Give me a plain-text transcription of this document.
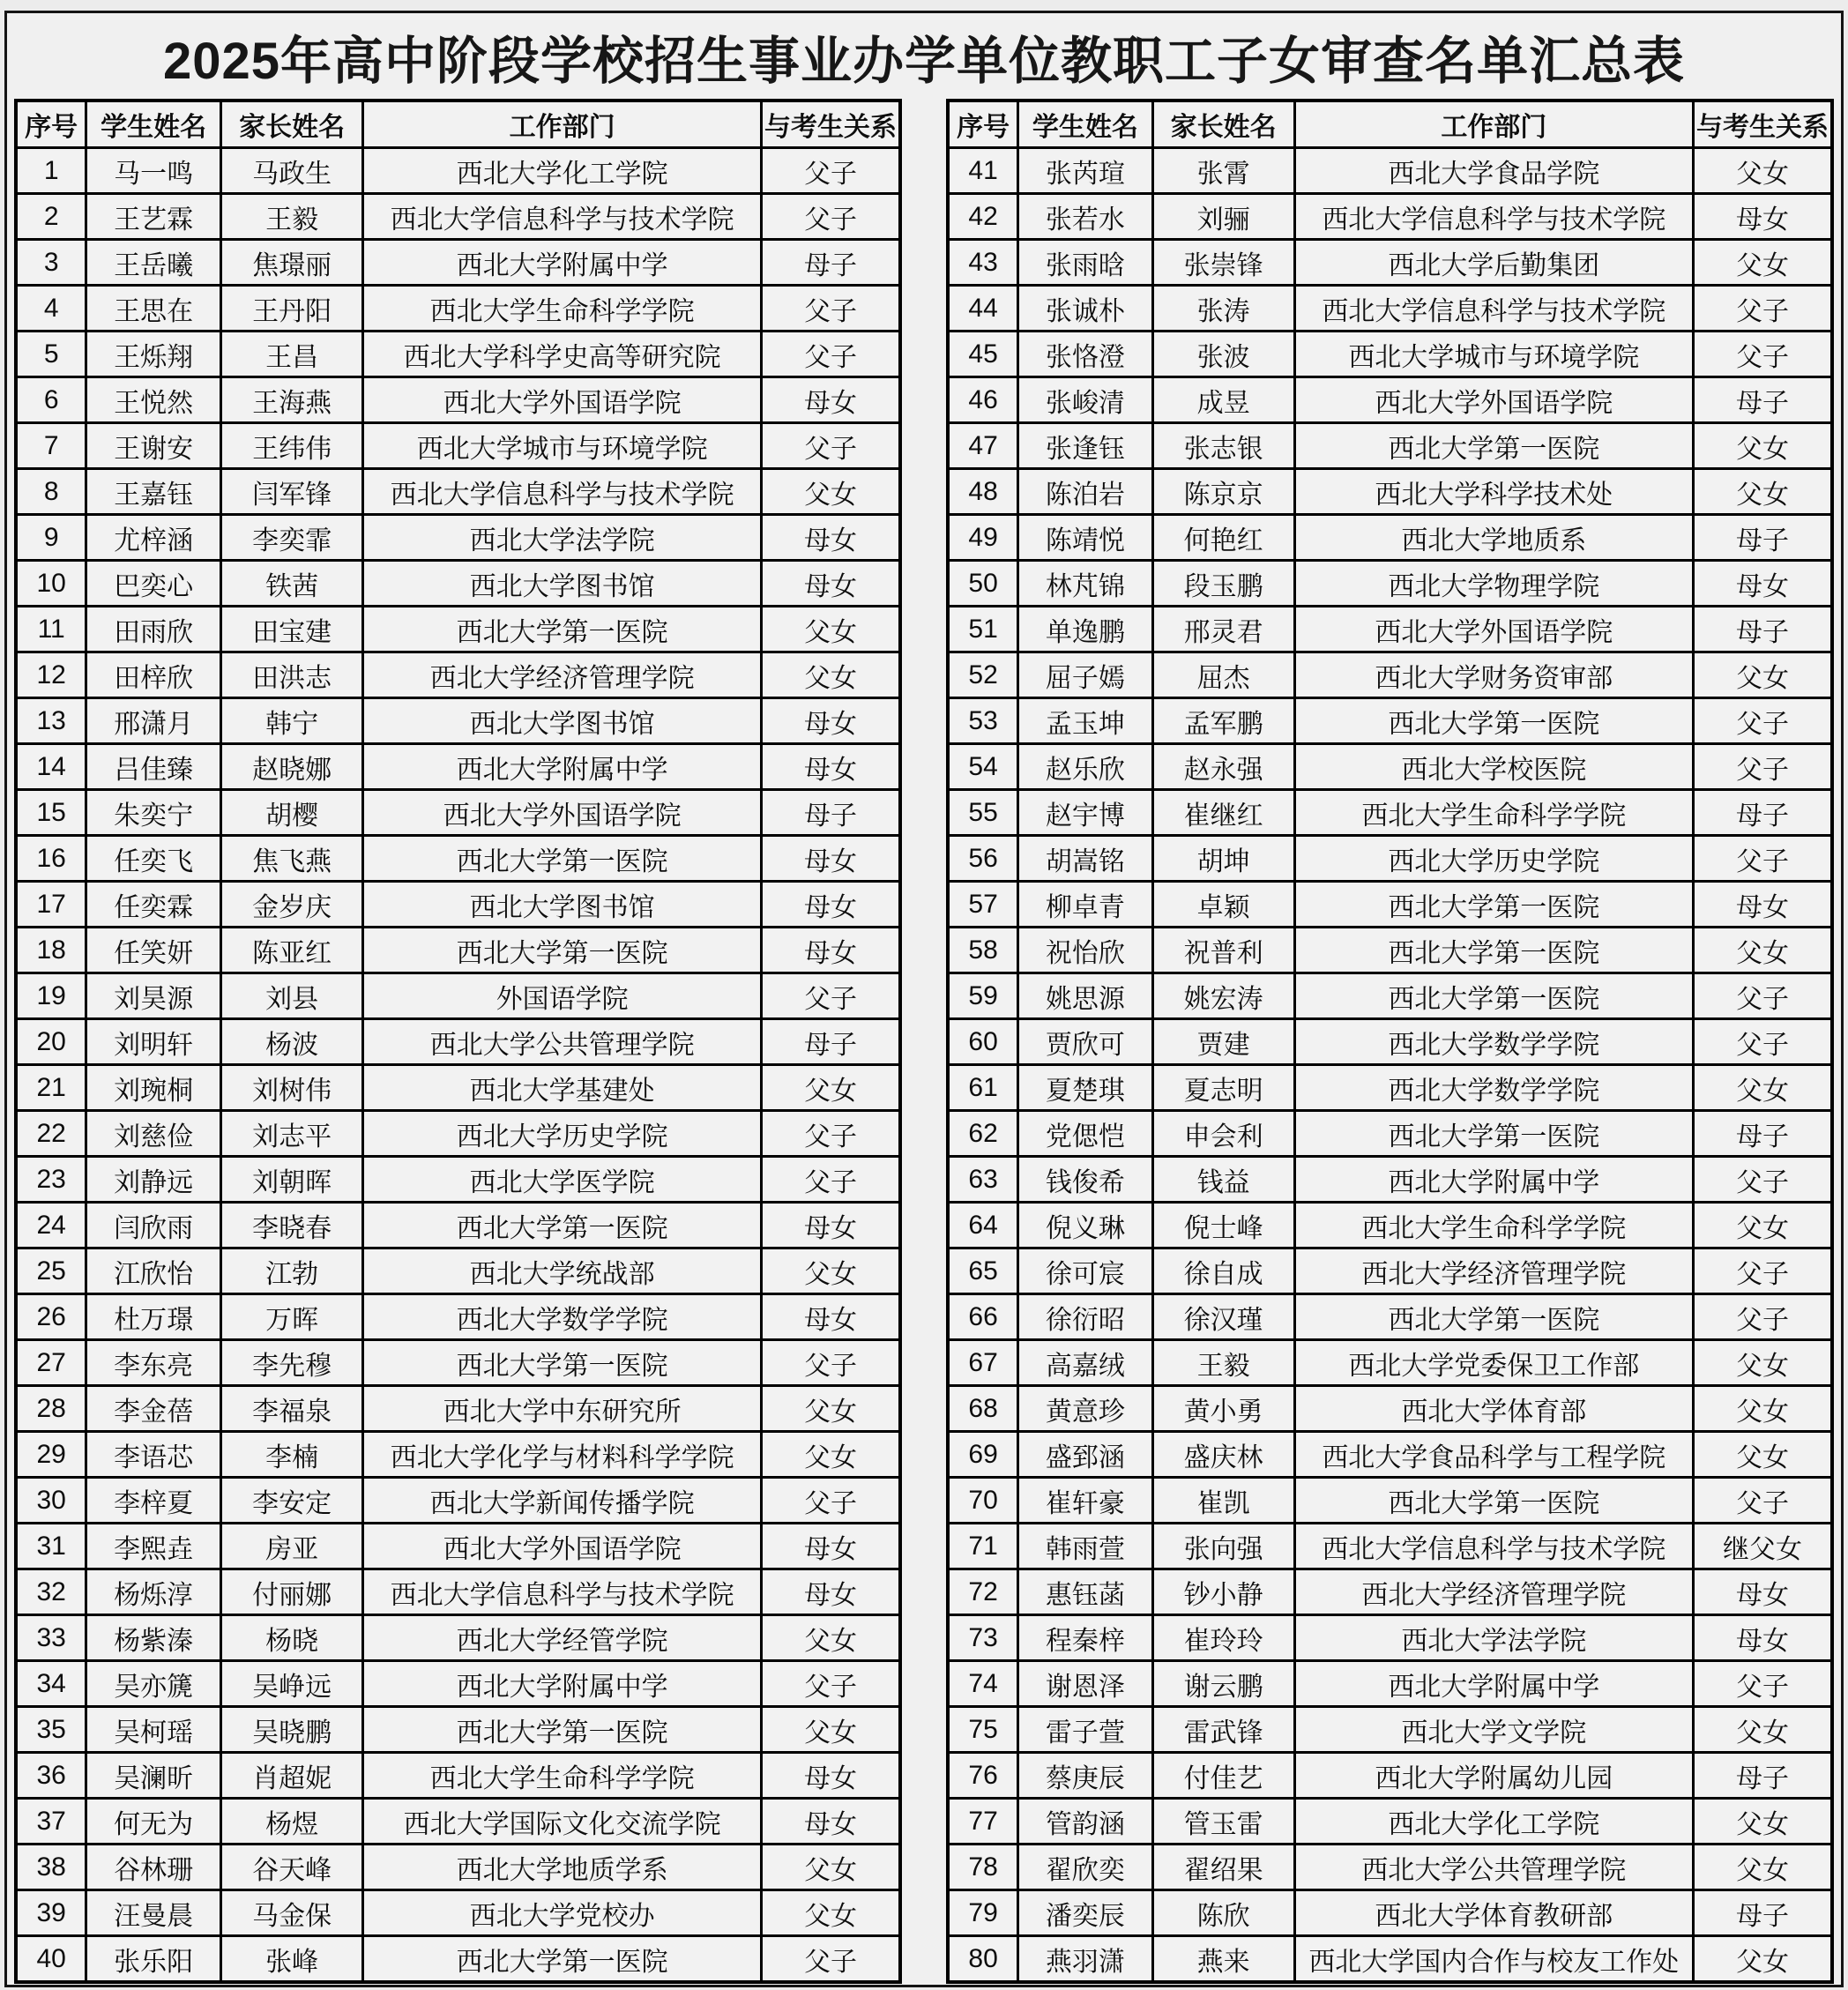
2025年高中阶段学校招生事业办学单位教职工子女审查名单汇总表
序号	学生姓名	家长姓名	工作部门	与考生关系
1	马一鸣	马政生	西北大学化工学院	父子
2	王艺霖	王毅	西北大学信息科学与技术学院	父子
3	王岳曦	焦璟丽	西北大学附属中学	母子
4	王思在	王丹阳	西北大学生命科学学院	父子
5	王烁翔	王昌	西北大学科学史高等研究院	父子
6	王悦然	王海燕	西北大学外国语学院	母女
7	王谢安	王纬伟	西北大学城市与环境学院	父子
8	王嘉钰	闫军锋	西北大学信息科学与技术学院	父女
9	尤梓涵	李奕霏	西北大学法学院	母女
10	巴奕心	铁茜	西北大学图书馆	母女
11	田雨欣	田宝建	西北大学第一医院	父女
12	田梓欣	田洪志	西北大学经济管理学院	父女
13	邢潇月	韩宁	西北大学图书馆	母女
14	吕佳臻	赵晓娜	西北大学附属中学	母女
15	朱奕宁	胡樱	西北大学外国语学院	母子
16	任奕飞	焦飞燕	西北大学第一医院	母女
17	任奕霖	金岁庆	西北大学图书馆	母女
18	任笑妍	陈亚红	西北大学第一医院	母女
19	刘昊源	刘县	外国语学院	父子
20	刘明轩	杨波	西北大学公共管理学院	母子
21	刘琬桐	刘树伟	西北大学基建处	父女
22	刘慈俭	刘志平	西北大学历史学院	父子
23	刘静远	刘朝晖	西北大学医学院	父子
24	闫欣雨	李晓春	西北大学第一医院	母女
25	江欣怡	江勃	西北大学统战部	父女
26	杜万璟	万晖	西北大学数学学院	母女
27	李东亮	李先穆	西北大学第一医院	父子
28	李金蓓	李福泉	西北大学中东研究所	父女
29	李语芯	李楠	西北大学化学与材料科学学院	父女
30	李梓夏	李安定	西北大学新闻传播学院	父子
31	李熙垚	房亚	西北大学外国语学院	母女
32	杨烁淳	付丽娜	西北大学信息科学与技术学院	母女
33	杨紫溱	杨晓	西北大学经管学院	父女
34	吴亦篪	吴峥远	西北大学附属中学	父子
35	吴柯瑶	吴晓鹏	西北大学第一医院	父女
36	吴澜昕	肖超妮	西北大学生命科学学院	母女
37	何无为	杨煜	西北大学国际文化交流学院	母女
38	谷林珊	谷天峰	西北大学地质学系	父女
39	汪曼晨	马金保	西北大学党校办	父女
40	张乐阳	张峰	西北大学第一医院	父子
序号	学生姓名	家长姓名	工作部门	与考生关系
41	张芮瑄	张霄	西北大学食品学院	父女
42	张若水	刘骊	西北大学信息科学与技术学院	母女
43	张雨晗	张崇锋	西北大学后勤集团	父女
44	张诚朴	张涛	西北大学信息科学与技术学院	父子
45	张恪澄	张波	西北大学城市与环境学院	父子
46	张峻清	成昱	西北大学外国语学院	母子
47	张逢钰	张志银	西北大学第一医院	父女
48	陈泊岩	陈京京	西北大学科学技术处	父女
49	陈靖悦	何艳红	西北大学地质系	母子
50	林芃锦	段玉鹏	西北大学物理学院	母女
51	单逸鹏	邢灵君	西北大学外国语学院	母子
52	屈子嫣	屈杰	西北大学财务资审部	父女
53	孟玉坤	孟军鹏	西北大学第一医院	父子
54	赵乐欣	赵永强	西北大学校医院	父子
55	赵宇博	崔继红	西北大学生命科学学院	母子
56	胡嵩铭	胡坤	西北大学历史学院	父子
57	柳卓青	卓颖	西北大学第一医院	母女
58	祝怡欣	祝普利	西北大学第一医院	父女
59	姚思源	姚宏涛	西北大学第一医院	父子
60	贾欣可	贾建	西北大学数学学院	父子
61	夏楚琪	夏志明	西北大学数学学院	父女
62	党偲恺	申会利	西北大学第一医院	母子
63	钱俊希	钱益	西北大学附属中学	父子
64	倪义琳	倪士峰	西北大学生命科学学院	父女
65	徐可宸	徐自成	西北大学经济管理学院	父子
66	徐衍昭	徐汉瑾	西北大学第一医院	父子
67	高嘉绒	王毅	西北大学党委保卫工作部	父女
68	黄意珍	黄小勇	西北大学体育部	父女
69	盛郅涵	盛庆林	西北大学食品科学与工程学院	父女
70	崔轩豪	崔凯	西北大学第一医院	父子
71	韩雨萱	张向强	西北大学信息科学与技术学院	继父女
72	惠钰菡	钞小静	西北大学经济管理学院	母女
73	程秦梓	崔玲玲	西北大学法学院	母女
74	谢恩泽	谢云鹏	西北大学附属中学	父子
75	雷子萱	雷武锋	西北大学文学院	父女
76	蔡庚辰	付佳艺	西北大学附属幼儿园	母子
77	管韵涵	管玉雷	西北大学化工学院	父女
78	翟欣奕	翟绍果	西北大学公共管理学院	父女
79	潘奕辰	陈欣	西北大学体育教研部	母子
80	燕羽潇	燕来	西北大学国内合作与校友工作处	父女
